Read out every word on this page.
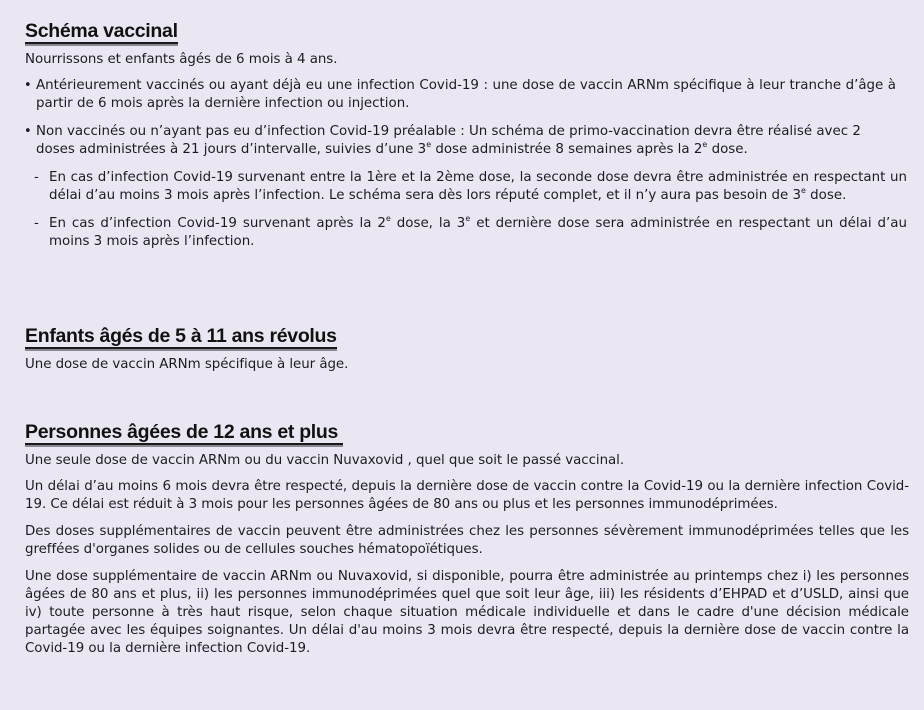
Schéma vaccinal

Nourrissons et enfants âgés de 6 mois à 4 ans.

• Antérieurement vaccinés ou ayant déjà eu une infection Covid-19 : une dose de vaccin ARNm spécifique à leur tranche d’âge à partir de 6 mois après la dernière infection ou injection.
• Non vaccinés ou n’ayant pas eu d’infection Covid-19 préalable : Un schéma de primo-vaccination devra être réalisé avec 2 doses administrées à 21 jours d’intervalle, suivies d’une 3e dose administrée 8 semaines après la 2e dose.
- En cas d’infection Covid-19 survenant entre la 1ère et la 2ème dose, la seconde dose devra être administrée en respectant un délai d’au moins 3 mois après l’infection. Le schéma sera dès lors réputé complet, et il n’y aura pas besoin de 3e dose.
- En cas d’infection Covid-19 survenant après la 2e dose, la 3e et dernière dose sera administrée en respectant un délai d’au moins 3 mois après l’infection.
Enfants âgés de 5 à 11 ans révolus

Une dose de vaccin ARNm spécifique à leur âge.

Personnes âgées de 12 ans et plus

Une seule dose de vaccin ARNm ou du vaccin Nuvaxovid , quel que soit le passé vaccinal.

Un délai d’au moins 6 mois devra être respecté, depuis la dernière dose de vaccin contre la Covid-19 ou la dernière infection Covid-19. Ce délai est réduit à 3 mois pour les personnes âgées de 80 ans ou plus et les personnes immunodéprimées.

Des doses supplémentaires de vaccin peuvent être administrées chez les personnes sévèrement immunodéprimées telles que les greffées d'organes solides ou de cellules souches hématopoïétiques.

Une dose supplémentaire de vaccin ARNm ou Nuvaxovid, si disponible, pourra être administrée au printemps chez i) les personnes âgées de 80 ans et plus, ii) les personnes immunodéprimées quel que soit leur âge, iii) les résidents d’EHPAD et d’USLD, ainsi que iv) toute personne à très haut risque, selon chaque situation médicale individuelle et dans le cadre d'une décision médicale partagée avec les équipes soignantes. Un délai d'au moins 3 mois devra être respecté, depuis la dernière dose de vaccin contre la Covid-19 ou la dernière infection Covid-19.
